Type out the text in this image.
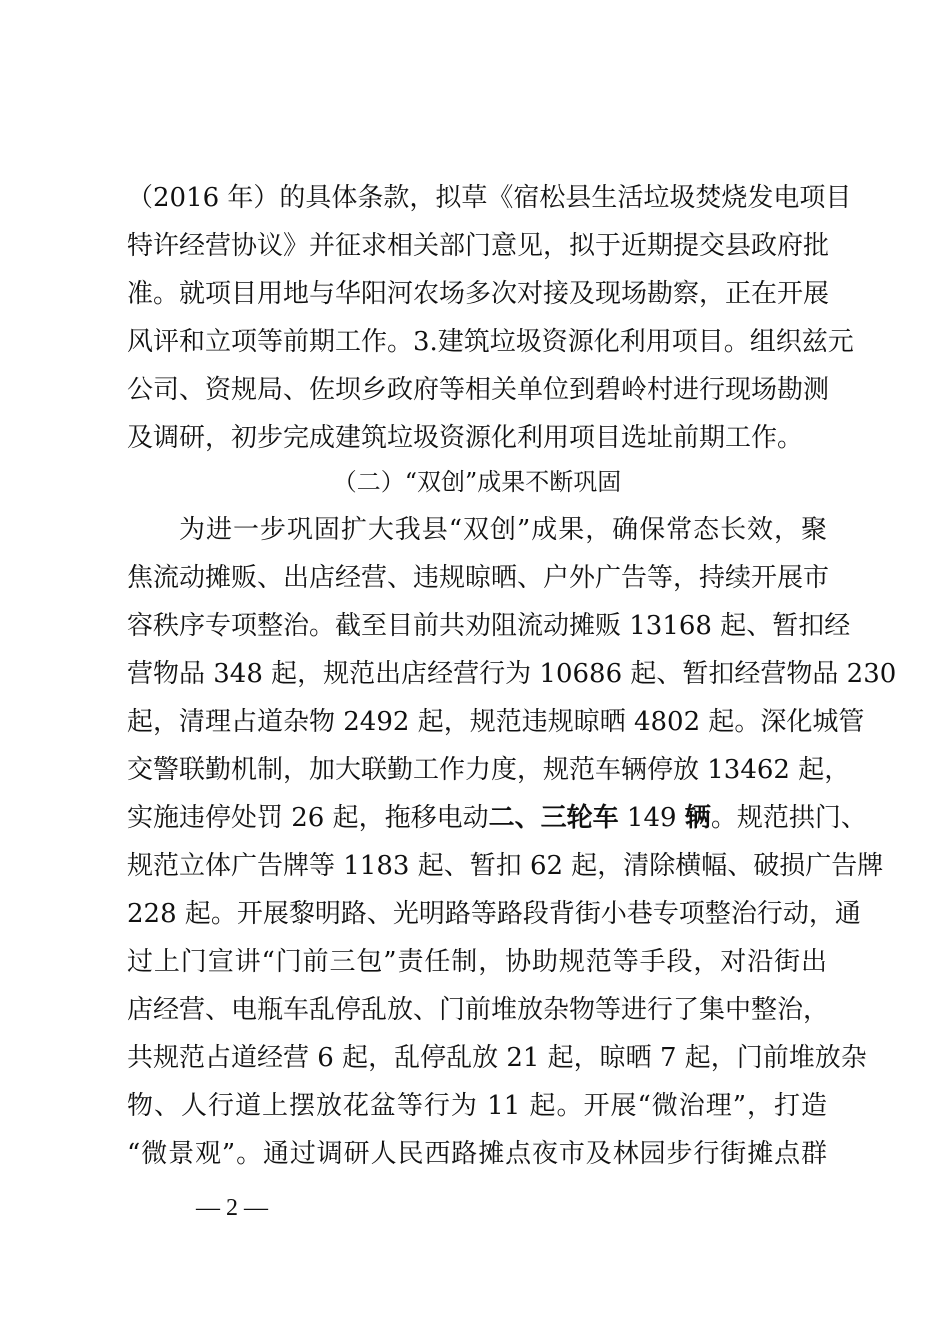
（2016 年）的具体条款，拟草《宿松县生活垃圾焚烧发电项目
特许经营协议》并征求相关部门意见，拟于近期提交县政府批
准。就项目用地与华阳河农场多次对接及现场勘察，正在开展
风评和立项等前期工作。3.建筑垃圾资源化利用项目。组织兹元
公司、资规局、佐坝乡政府等相关单位到碧岭村进行现场勘测
及调研，初步完成建筑垃圾资源化利用项目选址前期工作。
（二）“双创”成果不断巩固
为进一步巩固扩大我县“双创”成果，确保常态长效，聚
焦流动摊贩、出店经营、违规晾晒、户外广告等，持续开展市
容秩序专项整治。截至目前共劝阻流动摊贩 13168 起、暂扣经
营物品 348 起，规范出店经营行为 10686 起、暂扣经营物品 230
起，清理占道杂物 2492 起，规范违规晾晒 4802 起。深化城管
交警联勤机制，加大联勤工作力度，规范车辆停放 13462 起，
实施违停处罚 26 起，拖移电动二、三轮车 149 辆。规范拱门、
规范立体广告牌等 1183 起、暂扣 62 起，清除横幅、破损广告牌
228 起。开展黎明路、光明路等路段背街小巷专项整治行动，通
过上门宣讲“门前三包”责任制，协助规范等手段，对沿街出
店经营、电瓶车乱停乱放、门前堆放杂物等进行了集中整治，
共规范占道经营 6 起，乱停乱放 21 起，晾晒 7 起，门前堆放杂
物、人行道上摆放花盆等行为 11 起。开展“微治理”，打造
“微景观”。通过调研人民西路摊点夜市及林园步行街摊点群
— 2 —
